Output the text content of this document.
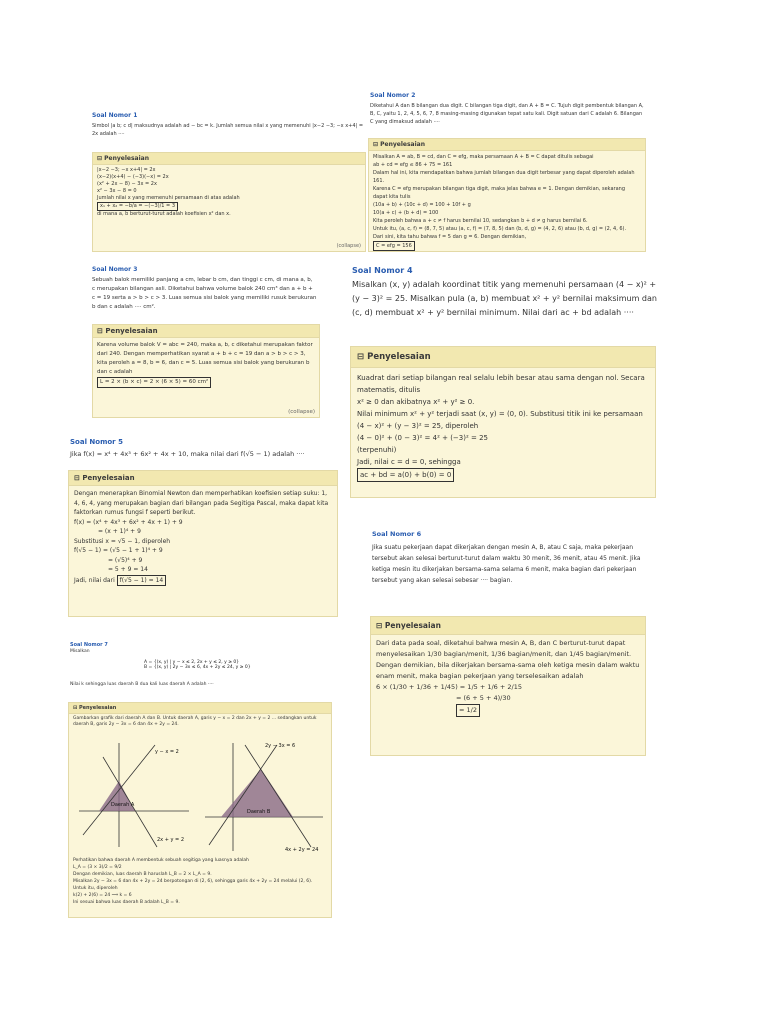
Soal Nomor 1
Simbol |a b; c d| maksudnya adalah ad − bc = k. Jumlah semua nilai x yang memenuhi |x−2 −3; −x x+4| = 2x adalah ····
⊟ Penyelesaian
|x−2 −3; −x x+4| = 2x
(x−2)(x+4) − (−3)(−x) = 2x
(x² + 2x − 8) − 3x = 2x
x² − 3x − 8 = 0
Jumlah nilai x yang memenuhi persamaan di atas adalah
x₁ + x₂ = −b/a = −(−3)/1 = 3
di mana a, b berturut-turut adalah koefisien x² dan x.
(collapse)
Soal Nomor 2
Diketahui A dan B bilangan dua digit. C bilangan tiga digit, dan A + B = C. Tujuh digit pembentuk bilangan A, B, C, yaitu 1, 2, 4, 5, 6, 7, 8 masing-masing digunakan tepat satu kali. Digit satuan dari C adalah 6. Bilangan C yang dimaksud adalah ····
⊟ Penyelesaian
Misalkan A = ab, B = cd, dan C = efg, maka persamaan A + B = C dapat ditulis sebagai
ab + cd = efg ≤ 86 + 75 = 161
Dalam hal ini, kita mendapatkan bahwa jumlah bilangan dua digit terbesar yang dapat diperoleh adalah 161.
Karena C = efg merupakan bilangan tiga digit, maka jelas bahwa e = 1. Dengan demikian, sekarang dapat kita tulis
(10a + b) + (10c + d) = 100 + 10f + g
10(a + c) + (b + d) = 100
Kita peroleh bahwa a + c ≠ f harus bernilai 10, sedangkan b + d ≠ g harus bernilai 6.
Untuk itu, (a, c, f) = (8, 7, 5) atau (a, c, f) = (7, 8, 5) dan (b, d, g) = (4, 2, 6) atau (b, d, g) = (2, 4, 6).
Dari sini, kita tahu bahwa f = 5 dan g = 6. Dengan demikian,
C = efg = 156
Soal Nomor 3
Sebuah balok memiliki panjang a cm, lebar b cm, dan tinggi c cm, di mana a, b, c merupakan bilangan asli. Diketahui bahwa volume balok 240 cm³ dan a + b + c = 19 serta a > b > c > 3. Luas semua sisi balok yang memiliki rusuk berukuran b dan c adalah ···· cm².
⊟ Penyelesaian
Karena volume balok V = abc = 240, maka a, b, c diketahui merupakan faktor dari 240. Dengan memperhatikan syarat a + b + c = 19 dan a > b > c > 3,
kita peroleh a = 8, b = 6, dan c = 5. Luas semua sisi balok yang berukuran b dan c adalah
L = 2 × (b × c) = 2 × (6 × 5) = 60 cm²
(collapse)
Soal Nomor 4
Misalkan (x, y) adalah koordinat titik yang memenuhi persamaan (4 − x)² + (y − 3)² = 25. Misalkan pula (a, b) membuat x² + y² bernilai maksimum dan (c, d) membuat x² + y² bernilai minimum. Nilai dari ac + bd adalah ····
⊟ Penyelesaian
Kuadrat dari setiap bilangan real selalu lebih besar atau sama dengan nol. Secara matematis, ditulis
x² ≥ 0 dan akibatnya x² + y² ≥ 0.
Nilai minimum x² + y² terjadi saat (x, y) = (0, 0). Substitusi titik ini ke persamaan (4 − x)² + (y − 3)² = 25, diperoleh
(4 − 0)² + (0 − 3)² = 4² + (−3)² = 25
(terpenuhi)
Jadi, nilai c = d = 0, sehingga
ac + bd = a(0) + b(0) = 0
Soal Nomor 5
Jika f(x) = x⁴ + 4x³ + 6x² + 4x + 10, maka nilai dari f(√5 − 1) adalah ····
⊟ Penyelesaian
Dengan menerapkan Binomial Newton dan memperhatikan koefisien setiap suku: 1, 4, 6, 4, yang merupakan bagian dari bilangan pada Segitiga Pascal, maka dapat kita faktorkan rumus fungsi f seperti berikut.
f(x) = (x⁴ + 4x³ + 6x² + 4x + 1) + 9
= (x + 1)⁴ + 9
Substitusi x = √5 − 1, diperoleh
f(√5 − 1) = (√5 − 1 + 1)⁴ + 9
= (√5)⁴ + 9
= 5 + 9 = 14
Jadi, nilai dari f(√5 − 1) = 14
Soal Nomor 6
Jika suatu pekerjaan dapat dikerjakan dengan mesin A, B, atau C saja, maka pekerjaan tersebut akan selesai berturut-turut dalam waktu 30 menit, 36 menit, atau 45 menit. Jika ketiga mesin itu dikerjakan bersama-sama selama 6 menit, maka bagian dari pekerjaan tersebut yang akan selesai sebesar ···· bagian.
⊟ Penyelesaian
Dari data pada soal, diketahui bahwa mesin A, B, dan C berturut-turut dapat menyelesaikan 1/30 bagian/menit, 1/36 bagian/menit, dan 1/45 bagian/menit.
Dengan demikian, bila dikerjakan bersama-sama oleh ketiga mesin dalam waktu enam menit, maka bagian pekerjaan yang terselesaikan adalah
6 × (1/30 + 1/36 + 1/45) = 1/5 + 1/6 + 2/15
= (6 + 5 + 4)/30
= 1/2
Soal Nomor 7
Misalkan
A = {(x, y) | y − x ≤ 2, 2x + y ≤ 2, y ≥ 0}
B = {(x, y) | 2y − 3x ≤ 6, 4x + 2y ≤ 24, y ≥ 0}
Nilai k sehingga luas daerah B dua kali luas daerah A adalah ····
⊟ Penyelesaian
Gambarkan grafik dari daerah A dan B. Untuk daerah A, garis y − x = 2 dan 2x + y = 2 ... sedangkan untuk daerah B, garis 2y − 3x = 6 dan 4x + 2y = 24.
Daerah A
y − x = 2
2x + y = 2
Daerah B
2y − 3x = 6
4x + 2y = 24
Perhatikan bahwa daerah A membentuk sebuah segitiga yang luasnya adalah
L_A = (3 × 3)/2 = 9/2
Dengan demikian, luas daerah B haruslah L_B = 2 × L_A = 9.
Misalkan 2y − 3x = 6 dan 4x + 2y = 24 berpotongan di (2, 6), sehingga garis 4x + 2y = 24 melalui (2, 6). Untuk itu, diperoleh
k(2) + 2(6) = 24 ⟹ k = 6
Ini sesuai bahwa luas daerah B adalah L_B = 9.
